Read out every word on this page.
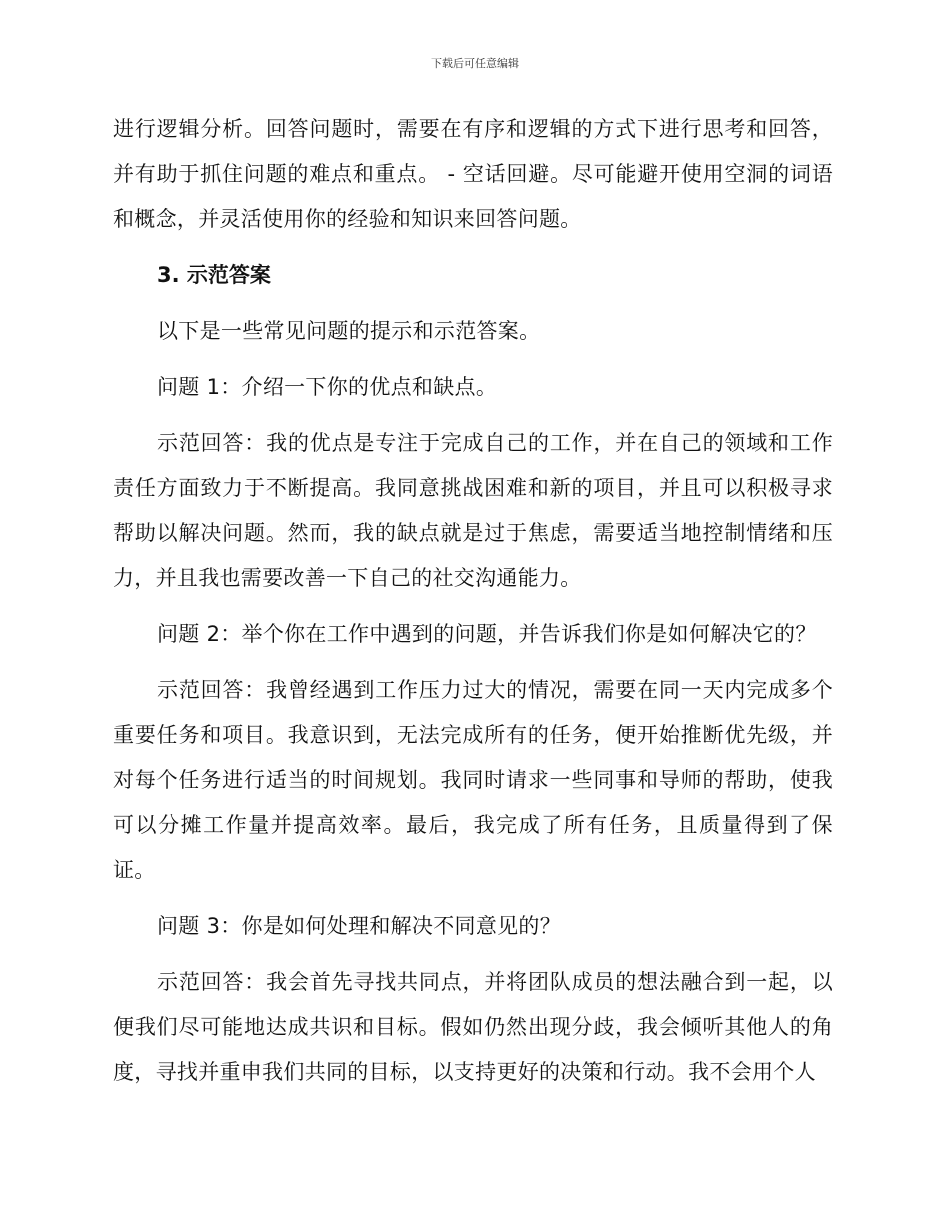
下载后可任意编辑

进行逻辑分析。回答问题时，需要在有序和逻辑的方式下进行思考和回答，并有助于抓住问题的难点和重点。 - 空话回避。尽可能避开使用空洞的词语和概念，并灵活使用你的经验和知识来回答问题。

3. 示范答案

以下是一些常见问题的提示和示范答案。

问题 1：介绍一下你的优点和缺点。

示范回答：我的优点是专注于完成自己的工作，并在自己的领域和工作责任方面致力于不断提高。我同意挑战困难和新的项目，并且可以积极寻求帮助以解决问题。然而，我的缺点就是过于焦虑，需要适当地控制情绪和压力，并且我也需要改善一下自己的社交沟通能力。

问题 2：举个你在工作中遇到的问题，并告诉我们你是如何解决它的？

示范回答：我曾经遇到工作压力过大的情况，需要在同一天内完成多个重要任务和项目。我意识到，无法完成所有的任务，便开始推断优先级，并对每个任务进行适当的时间规划。我同时请求一些同事和导师的帮助，使我可以分摊工作量并提高效率。最后，我完成了所有任务，且质量得到了保证。

问题 3：你是如何处理和解决不同意见的？

示范回答：我会首先寻找共同点，并将团队成员的想法融合到一起，以便我们尽可能地达成共识和目标。假如仍然出现分歧，我会倾听其他人的角度，寻找并重申我们共同的目标，以支持更好的决策和行动。我不会用个人
